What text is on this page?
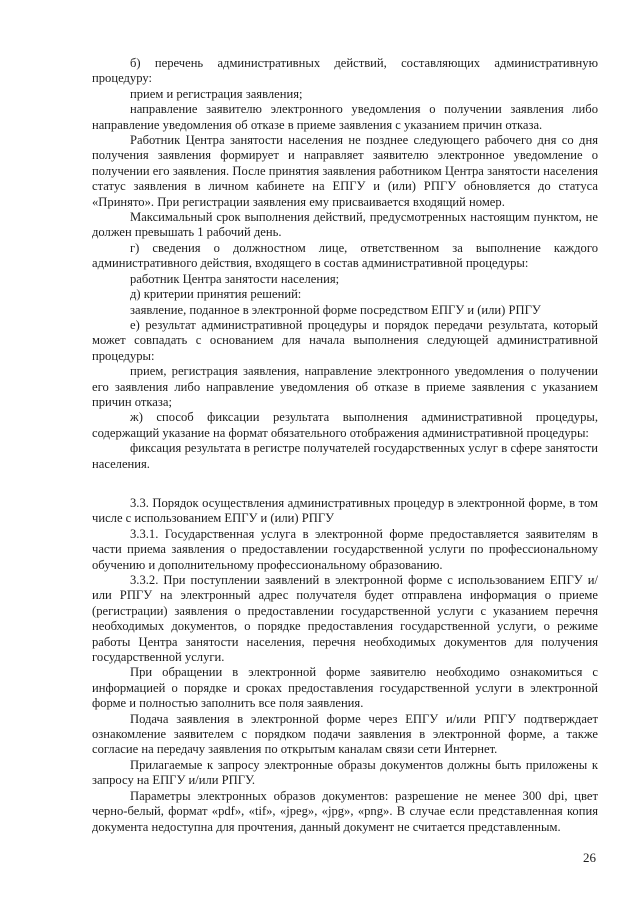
б) перечень административных действий, составляющих административную процедуру:

прием и регистрация заявления;

направление заявителю электронного уведомления о получении заявления либо направление уведомления об отказе в приеме заявления с указанием причин отказа.

Работник Центра занятости населения не позднее следующего рабочего дня со дня получения заявления формирует и направляет заявителю электронное уведомление о получении его заявления. После принятия заявления работником Центра занятости населения статус заявления в личном кабинете на ЕПГУ и (или) РПГУ обновляется до статуса «Принято». При регистрации заявления ему присваивается входящий номер.

Максимальный срок выполнения действий, предусмотренных настоящим пунктом, не должен превышать 1 рабочий день.

г) сведения о должностном лице, ответственном за выполнение каждого административного действия, входящего в состав административной процедуры:

работник Центра занятости населения;

д) критерии принятия решений:

заявление, поданное в электронной форме посредством ЕПГУ и (или) РПГУ

е) результат административной процедуры и порядок передачи результата, который может совпадать с основанием для начала выполнения следующей административной процедуры:

прием, регистрация заявления, направление электронного уведомления о получении его заявления либо направление уведомления об отказе в приеме заявления с указанием причин отказа;

ж) способ фиксации результата выполнения административной процедуры, содержащий указание на формат обязательного отображения административной процедуры:

фиксация результата в регистре получателей государственных услуг в сфере занятости населения.

3.3. Порядок осуществления административных процедур в электронной форме, в том числе с использованием ЕПГУ и (или) РПГУ

3.3.1. Государственная услуга в электронной форме предоставляется заявителям в части приема заявления о предоставлении государственной услуги по профессиональному обучению и дополнительному профессиональному образованию.

3.3.2. При поступлении заявлений в электронной форме с использованием ЕПГУ и/или РПГУ на электронный адрес получателя будет отправлена информация о приеме (регистрации) заявления о предоставлении государственной услуги с указанием перечня необходимых документов, о порядке предоставления государственной услуги, о режиме работы Центра занятости населения, перечня необходимых документов для получения государственной услуги.

При обращении в электронной форме заявителю необходимо ознакомиться с информацией о порядке и сроках предоставления государственной услуги в электронной форме и полностью заполнить все поля заявления.

Подача заявления в электронной форме через ЕПГУ и/или РПГУ подтверждает ознакомление заявителем с порядком подачи заявления в электронной форме, а также согласие на передачу заявления по открытым каналам связи сети Интернет.

Прилагаемые к запросу электронные образы документов должны быть приложены к запросу на ЕПГУ и/или РПГУ.

Параметры электронных образов документов: разрешение не менее 300 dpi, цвет черно-белый, формат «pdf», «tif», «jpeg», «jpg», «png». В случае если представленная копия документа недоступна для прочтения, данный документ не считается представленным.

26
